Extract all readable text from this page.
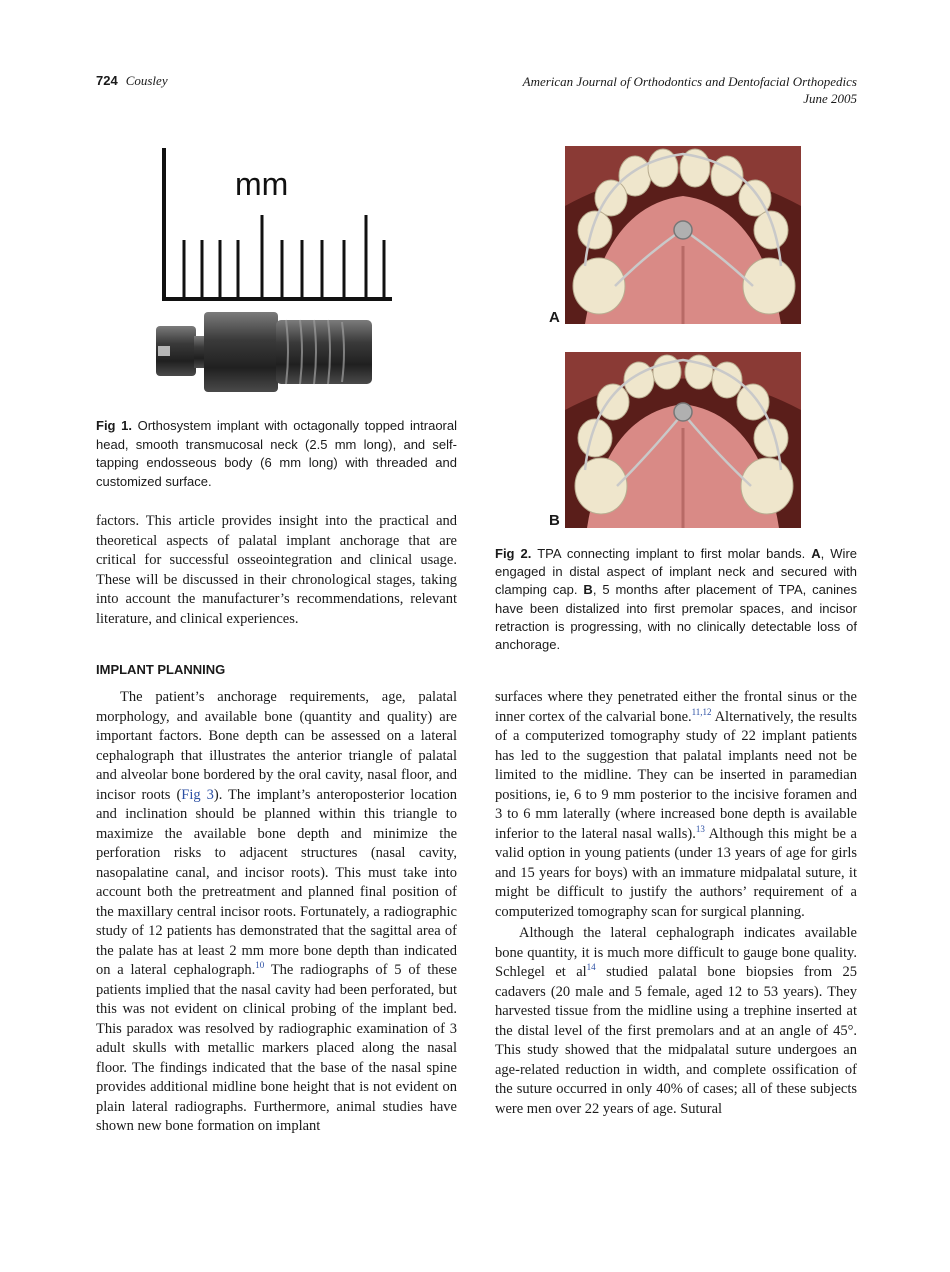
724 Cousley	American Journal of Orthodontics and Dentofacial Orthopedics
June 2005
mm
Fig 1. Orthosystem implant with octagonally topped intraoral head, smooth transmucosal neck (2.5 mm long), and self-tapping endosseous body (6 mm long) with threaded and customized surface.
A
B
Fig 2. TPA connecting implant to first molar bands. A, Wire engaged in distal aspect of implant neck and secured with clamping cap. B, 5 months after placement of TPA, canines have been distalized into first premolar spaces, and incisor retraction is progressing, with no clinically detectable loss of anchorage.

factors. This article provides insight into the practical and theoretical aspects of palatal implant anchorage that are critical for successful osseointegration and clinical usage. These will be discussed in their chronological stages, taking into account the manufacturer’s recommendations, relevant literature, and clinical experiences.

IMPLANT PLANNING

The patient’s anchorage requirements, age, palatal morphology, and available bone (quantity and quality) are important factors. Bone depth can be assessed on a lateral cephalograph that illustrates the anterior triangle of palatal and alveolar bone bordered by the oral cavity, nasal floor, and incisor roots (Fig 3). The implant’s anteroposterior location and inclination should be planned within this triangle to maximize the available bone depth and minimize the perforation risks to adjacent structures (nasal cavity, nasopalatine canal, and incisor roots). This must take into account both the pretreatment and planned final position of the maxillary central incisor roots. Fortunately, a radiographic study of 12 patients has demonstrated that the sagittal area of the palate has at least 2 mm more bone depth than indicated on a lateral cephalograph.$^{10}$ The radiographs of 5 of these patients implied that the nasal cavity had been perforated, but this was not evident on clinical probing of the implant bed. This paradox was resolved by radiographic examination of 3 adult skulls with metallic markers placed along the nasal floor. The findings indicated that the base of the nasal spine provides additional midline bone height that is not evident on plain lateral radiographs. Furthermore, animal studies have shown new bone formation on implant

surfaces where they penetrated either the frontal sinus or the inner cortex of the calvarial bone.$^{11,12}$ Alternatively, the results of a computerized tomography study of 22 implant patients has led to the suggestion that palatal implants need not be limited to the midline. They can be inserted in paramedian positions, ie, 6 to 9 mm posterior to the incisive foramen and 3 to 6 mm laterally (where increased bone depth is available inferior to the lateral nasal walls).$^{13}$ Although this might be a valid option in young patients (under 13 years of age for girls and 15 years for boys) with an immature midpalatal suture, it might be difficult to justify the authors’ requirement of a computerized tomography scan for surgical planning.

Although the lateral cephalograph indicates available bone quantity, it is much more difficult to gauge bone quality. Schlegel et $al^{14}$ studied palatal bone biopsies from 25 cadavers (20 male and 5 female, aged 12 to 53 years). They harvested tissue from the midline using a trephine inserted at the distal level of the first premolars and at an angle of 45°. This study showed that the midpalatal suture undergoes an age-related reduction in width, and complete ossification of the suture occurred in only 40% of cases; all of these subjects were men over 22 years of age. Sutural
